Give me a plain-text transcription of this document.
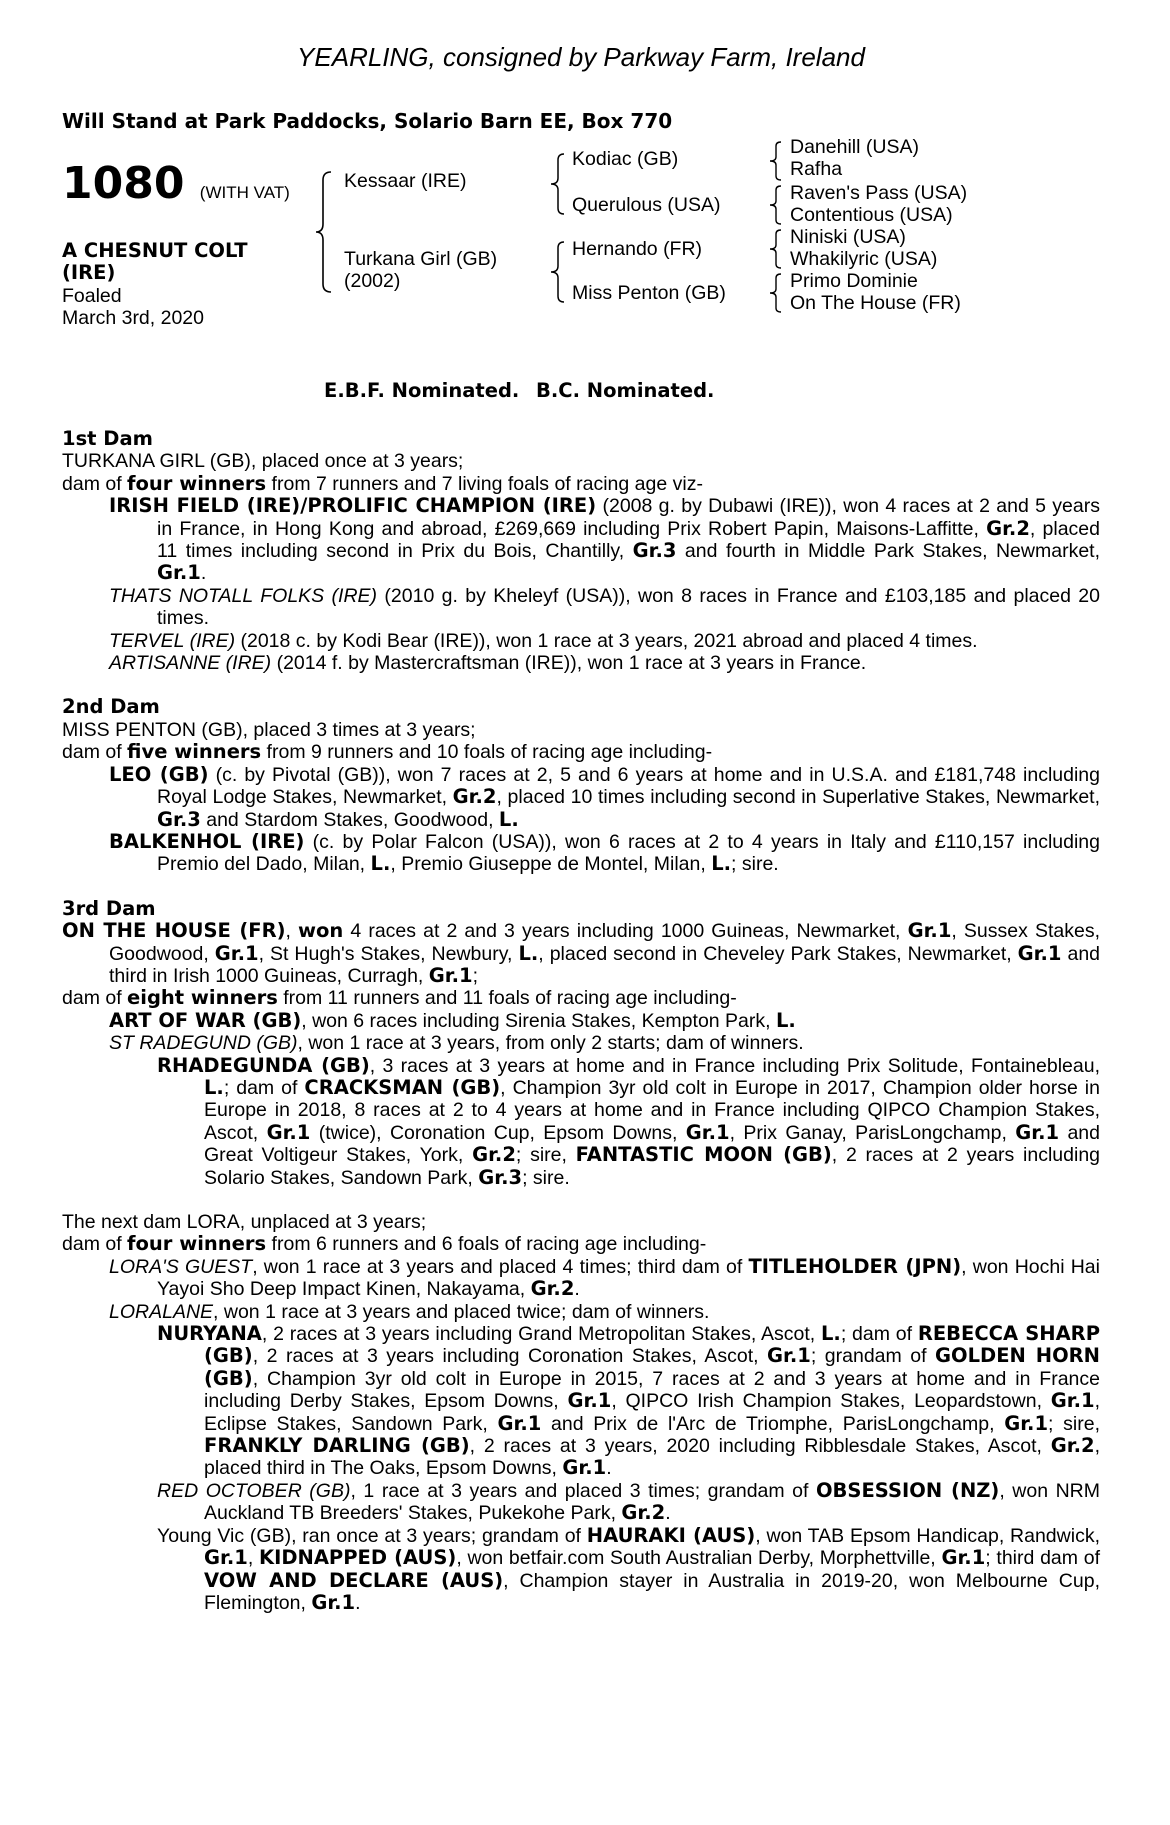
YEARLING, consigned by Parkway Farm, Ireland
Will Stand at Park Paddocks, Solario Barn EE, Box 770
1080 (WITH VAT)
A CHESNUT COLT
(IRE)
Foaled
March 3rd, 2020
Kessaar (IRE)
Turkana Girl (GB)
(2002)
Kodiac (GB)
Querulous (USA)
Hernando (FR)
Miss Penton (GB)
Danehill (USA)
Rafha
Raven's Pass (USA)
Contentious (USA)
Niniski (USA)
Whakilyric (USA)
Primo Dominie
On The House (FR)
E.B.F. Nominated. B.C. Nominated.

1st Dam

TURKANA GIRL (GB), placed once at 3 years;

dam of four winners from 7 runners and 7 living foals of racing age viz-

IRISH FIELD (IRE)/PROLIFIC CHAMPION (IRE) (2008 g. by Dubawi (IRE)), won 4 races at 2 and 5 years in France, in Hong Kong and abroad, £269,669 including Prix Robert Papin, Maisons-Laffitte, Gr.2, placed 11 times including second in Prix du Bois, Chantilly, Gr.3 and fourth in Middle Park Stakes, Newmarket, Gr.1.

THATS NOTALL FOLKS (IRE) (2010 g. by Kheleyf (USA)), won 8 races in France and £103,185 and placed 20 times.

TERVEL (IRE) (2018 c. by Kodi Bear (IRE)), won 1 race at 3 years, 2021 abroad and placed 4 times.

ARTISANNE (IRE) (2014 f. by Mastercraftsman (IRE)), won 1 race at 3 years in France.

2nd Dam

MISS PENTON (GB), placed 3 times at 3 years;

dam of five winners from 9 runners and 10 foals of racing age including-

LEO (GB) (c. by Pivotal (GB)), won 7 races at 2, 5 and 6 years at home and in U.S.A. and £181,748 including Royal Lodge Stakes, Newmarket, Gr.2, placed 10 times including second in Superlative Stakes, Newmarket, Gr.3 and Stardom Stakes, Goodwood, L.

BALKENHOL (IRE) (c. by Polar Falcon (USA)), won 6 races at 2 to 4 years in Italy and £110,157 including Premio del Dado, Milan, L., Premio Giuseppe de Montel, Milan, L.; sire.

3rd Dam

ON THE HOUSE (FR), won 4 races at 2 and 3 years including 1000 Guineas, Newmarket, Gr.1, Sussex Stakes, Goodwood, Gr.1, St Hugh's Stakes, Newbury, L., placed second in Cheveley Park Stakes, Newmarket, Gr.1 and third in Irish 1000 Guineas, Curragh, Gr.1;

dam of eight winners from 11 runners and 11 foals of racing age including-

ART OF WAR (GB), won 6 races including Sirenia Stakes, Kempton Park, L.

ST RADEGUND (GB), won 1 race at 3 years, from only 2 starts; dam of winners.

RHADEGUNDA (GB), 3 races at 3 years at home and in France including Prix Solitude, Fontainebleau, L.; dam of CRACKSMAN (GB), Champion 3yr old colt in Europe in 2017, Champion older horse in Europe in 2018, 8 races at 2 to 4 years at home and in France including QIPCO Champion Stakes, Ascot, Gr.1 (twice), Coronation Cup, Epsom Downs, Gr.1, Prix Ganay, ParisLongchamp, Gr.1 and Great Voltigeur Stakes, York, Gr.2; sire, FANTASTIC MOON (GB), 2 races at 2 years including Solario Stakes, Sandown Park, Gr.3; sire.

The next dam LORA, unplaced at 3 years;

dam of four winners from 6 runners and 6 foals of racing age including-

LORA'S GUEST, won 1 race at 3 years and placed 4 times; third dam of TITLEHOLDER (JPN), won Hochi Hai Yayoi Sho Deep Impact Kinen, Nakayama, Gr.2.

LORALANE, won 1 race at 3 years and placed twice; dam of winners.

NURYANA, 2 races at 3 years including Grand Metropolitan Stakes, Ascot, L.; dam of REBECCA SHARP (GB), 2 races at 3 years including Coronation Stakes, Ascot, Gr.1; grandam of GOLDEN HORN (GB), Champion 3yr old colt in Europe in 2015, 7 races at 2 and 3 years at home and in France including Derby Stakes, Epsom Downs, Gr.1, QIPCO Irish Champion Stakes, Leopardstown, Gr.1, Eclipse Stakes, Sandown Park, Gr.1 and Prix de l'Arc de Triomphe, ParisLongchamp, Gr.1; sire, FRANKLY DARLING (GB), 2 races at 3 years, 2020 including Ribblesdale Stakes, Ascot, Gr.2, placed third in The Oaks, Epsom Downs, Gr.1.

RED OCTOBER (GB), 1 race at 3 years and placed 3 times; grandam of OBSESSION (NZ), won NRM Auckland TB Breeders' Stakes, Pukekohe Park, Gr.2.

Young Vic (GB), ran once at 3 years; grandam of HAURAKI (AUS), won TAB Epsom Handicap, Randwick, Gr.1, KIDNAPPED (AUS), won betfair.com South Australian Derby, Morphettville, Gr.1; third dam of VOW AND DECLARE (AUS), Champion stayer in Australia in 2019-20, won Melbourne Cup, Flemington, Gr.1.
